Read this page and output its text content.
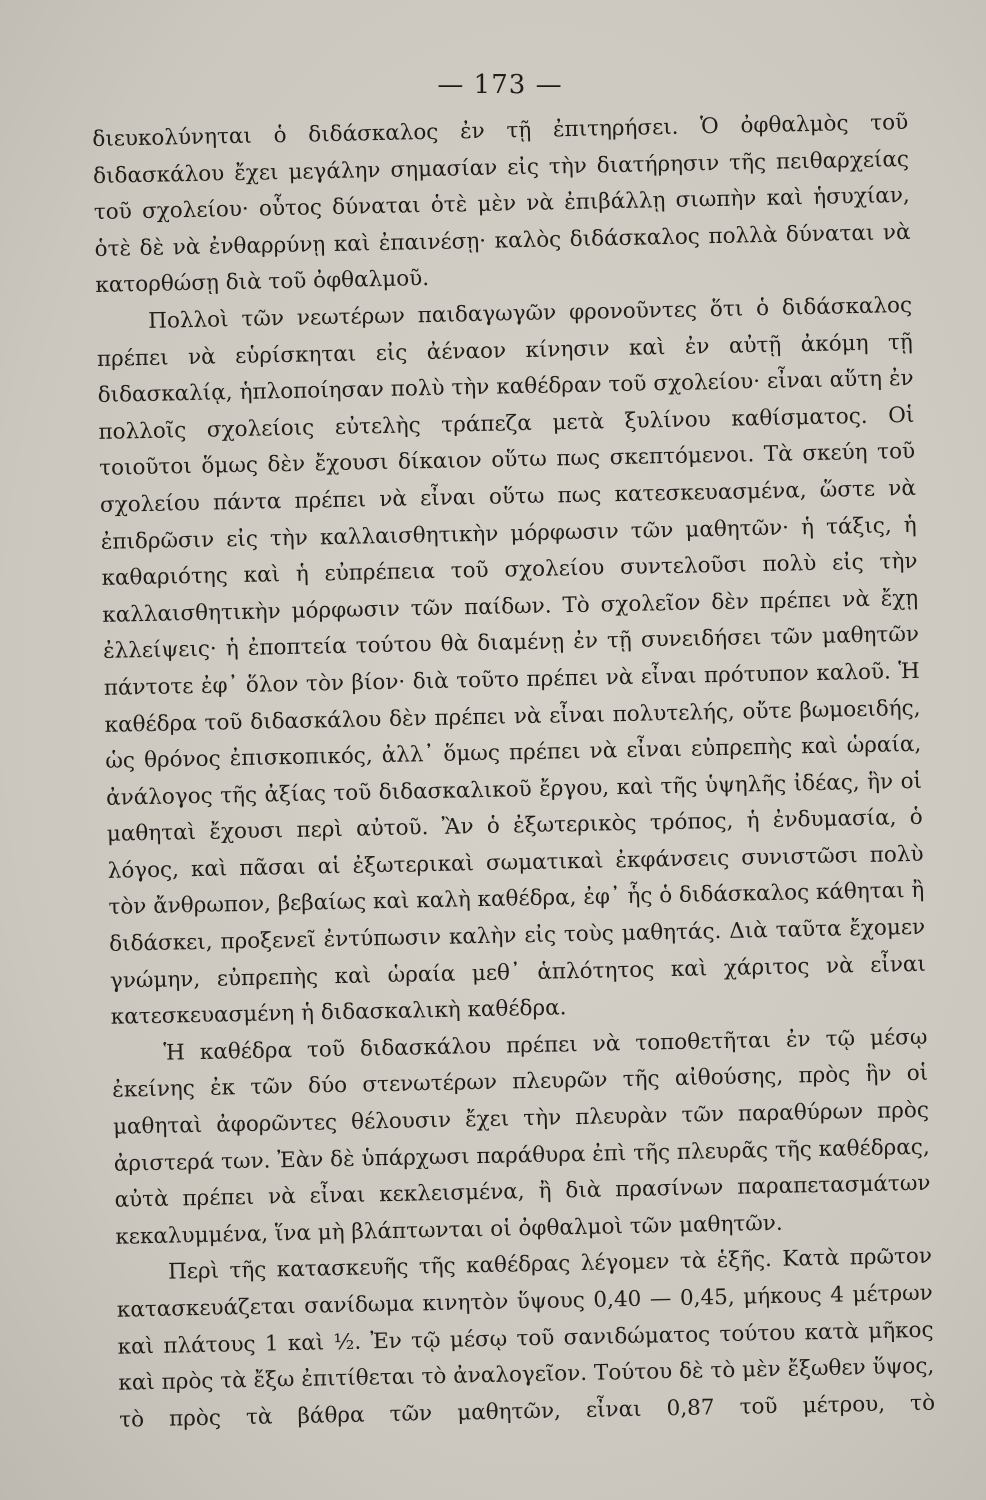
— 173 —

διευκολύνηται ὁ διδάσκαλος ἐν τῇ ἐπιτηρήσει. Ὁ ὀφθαλμὸς τοῦ διδασκάλου ἔχει μεγάλην σημασίαν εἰς τὴν διατήρησιν τῆς πειθαρχείας τοῦ σχολείου· οὗτος δύναται ὁτὲ μὲν νὰ ἐπιβάλλῃ σιωπὴν καὶ ἡσυχίαν, ὁτὲ δὲ νὰ ἐνθαρρύνῃ καὶ ἐπαινέσῃ· καλὸς διδάσκαλος πολλὰ δύναται νὰ κατορθώσῃ διὰ τοῦ ὀφθαλμοῦ.

Πολλοὶ τῶν νεωτέρων παιδαγωγῶν φρονοῦντες ὅτι ὁ διδάσκαλος πρέπει νὰ εὑρίσκηται εἰς ἀέναον κίνησιν καὶ ἐν αὐτῇ ἀκόμη τῇ διδασκαλίᾳ, ἡπλοποίησαν πολὺ τὴν καθέδραν τοῦ σχολείου· εἶναι αὕτη ἐν πολλοῖς σχολείοις εὐτελὴς τράπεζα μετὰ ξυλίνου καθίσματος. Οἱ τοιοῦτοι ὅμως δὲν ἔχουσι δίκαιον οὕτω πως σκεπτόμενοι. Τὰ σκεύη τοῦ σχολείου πάντα πρέπει νὰ εἶναι οὕτω πως κατεσκευασμένα, ὥστε νὰ ἐπιδρῶσιν εἰς τὴν καλλαισθητικὴν μόρφωσιν τῶν μαθητῶν· ἡ τάξις, ἡ καθαριότης καὶ ἡ εὐπρέπεια τοῦ σχολείου συντελοῦσι πολὺ εἰς τὴν καλλαισθητικὴν μόρφωσιν τῶν παίδων. Τὸ σχολεῖον δὲν πρέπει νὰ ἔχῃ ἐλλείψεις· ἡ ἐποπτεία τούτου θὰ διαμένῃ ἐν τῇ συνειδήσει τῶν μαθητῶν πάντοτε ἐφ᾽ ὅλον τὸν βίον· διὰ τοῦτο πρέπει νὰ εἶναι πρότυπον καλοῦ. Ἡ καθέδρα τοῦ διδασκάλου δὲν πρέπει νὰ εἶναι πολυτελής, οὔτε βωμοειδής, ὡς θρόνος ἐπισκοπικός, ἀλλ᾽ ὅμως πρέπει νὰ εἶναι εὐπρεπὴς καὶ ὡραία, ἀνάλογος τῆς ἀξίας τοῦ διδασκαλικοῦ ἔργου, καὶ τῆς ὑψηλῆς ἰδέας, ἣν οἱ μαθηταὶ ἔχουσι περὶ αὐτοῦ. Ἂν ὁ ἐξωτερικὸς τρόπος, ἡ ἐνδυμασία, ὁ λόγος, καὶ πᾶσαι αἱ ἐξωτερικαὶ σωματικαὶ ἐκφάνσεις συνιστῶσι πολὺ τὸν ἄνθρωπον, βεβαίως καὶ καλὴ καθέδρα, ἐφ᾽ ἧς ὁ διδάσκαλος κάθηται ἢ διδάσκει, προξενεῖ ἐντύπωσιν καλὴν εἰς τοὺς μαθητάς. Διὰ ταῦτα ἔχομεν γνώμην, εὐπρεπὴς καὶ ὡραία μεθ᾽ ἁπλότητος καὶ χάριτος νὰ εἶναι κατεσκευασμένη ἡ διδασκαλικὴ καθέδρα.

Ἡ καθέδρα τοῦ διδασκάλου πρέπει νὰ τοποθετῆται ἐν τῷ μέσῳ ἐκείνης ἐκ τῶν δύο στενωτέρων πλευρῶν τῆς αἰθούσης, πρὸς ἣν οἱ μαθηταὶ ἀφορῶντες θέλουσιν ἔχει τὴν πλευρὰν τῶν παραθύρων πρὸς ἀριστερά των. Ἐὰν δὲ ὑπάρχωσι παράθυρα ἐπὶ τῆς πλευρᾶς τῆς καθέδρας, αὐτὰ πρέπει νὰ εἶναι κεκλεισμένα, ἢ διὰ πρασίνων παραπετασμάτων κεκαλυμμένα, ἵνα μὴ βλάπτωνται οἱ ὀφθαλμοὶ τῶν μαθητῶν.

Περὶ τῆς κατασκευῆς τῆς καθέδρας λέγομεν τὰ ἑξῆς. Κατὰ πρῶτον κατασκευάζεται σανίδωμα κινητὸν ὕψους 0,40 — 0,45, μήκους 4 μέτρων καὶ πλάτους 1 καὶ ½. Ἐν τῷ μέσῳ τοῦ σανιδώματος τούτου κατὰ μῆκος καὶ πρὸς τὰ ἔξω ἐπιτίθεται τὸ ἀναλογεῖον. Τούτου δὲ τὸ μὲν ἔξωθεν ὕψος, τὸ πρὸς τὰ βάθρα τῶν μαθητῶν, εἶναι 0,87 τοῦ μέτρου, τὸ
